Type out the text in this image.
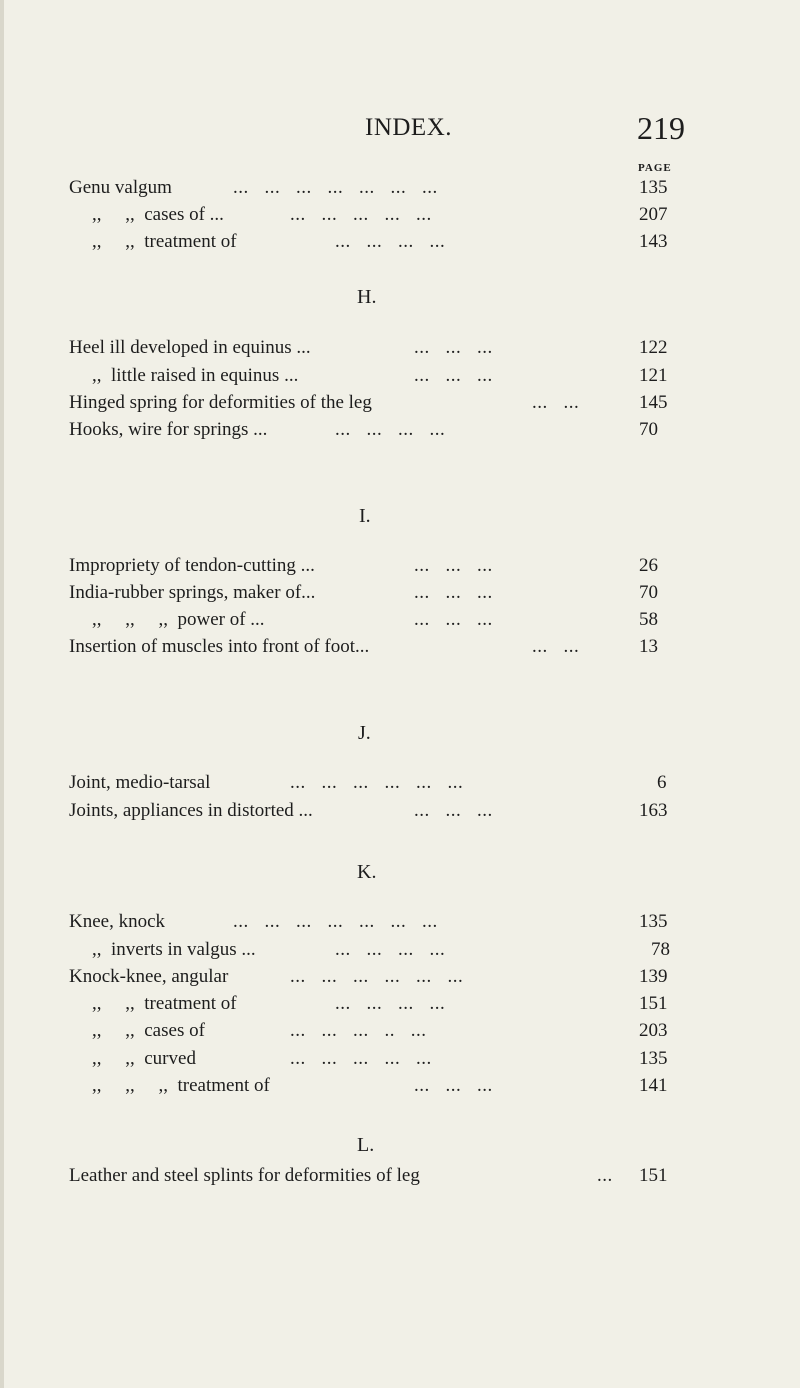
INDEX.	219
PAGE
Genu valgum	...   ...   ...   ...   ...   ...   ...	135
,,     ,,  cases of ...	...   ...   ...   ...   ...	207
,,     ,,  treatment of	...   ...   ...   ...	143
H.
Heel ill developed in equinus ...	...   ...   ...	122
,,  little raised in equinus ...	...   ...   ...	121
Hinged spring for deformities of the leg	...   ...	145
Hooks, wire for springs ...	...   ...   ...   ...	70
I.
Impropriety of tendon-cutting ...	...   ...   ...	26
India-rubber springs, maker of...	...   ...   ...	70
,,     ,,     ,,  power of ...	...   ...   ...	58
Insertion of muscles into front of foot...	...   ...	13
J.
Joint, medio-tarsal	...   ...   ...   ...   ...   ...	6
Joints, appliances in distorted ...	...   ...   ...	163
K.
Knee, knock	...   ...   ...   ...   ...   ...   ...	135
,,  inverts in valgus ...	...   ...   ...   ...	78
Knock-knee, angular	...   ...   ...   ...   ...   ...	139
,,     ,,  treatment of	...   ...   ...   ...	151
,,     ,,  cases of	...   ...   ...   ..   ...	203
,,     ,,  curved	...   ...   ...   ...   ...	135
,,     ,,     ,,  treatment of	...   ...   ...	141
L.
Leather and steel splints for deformities of leg	... 151
